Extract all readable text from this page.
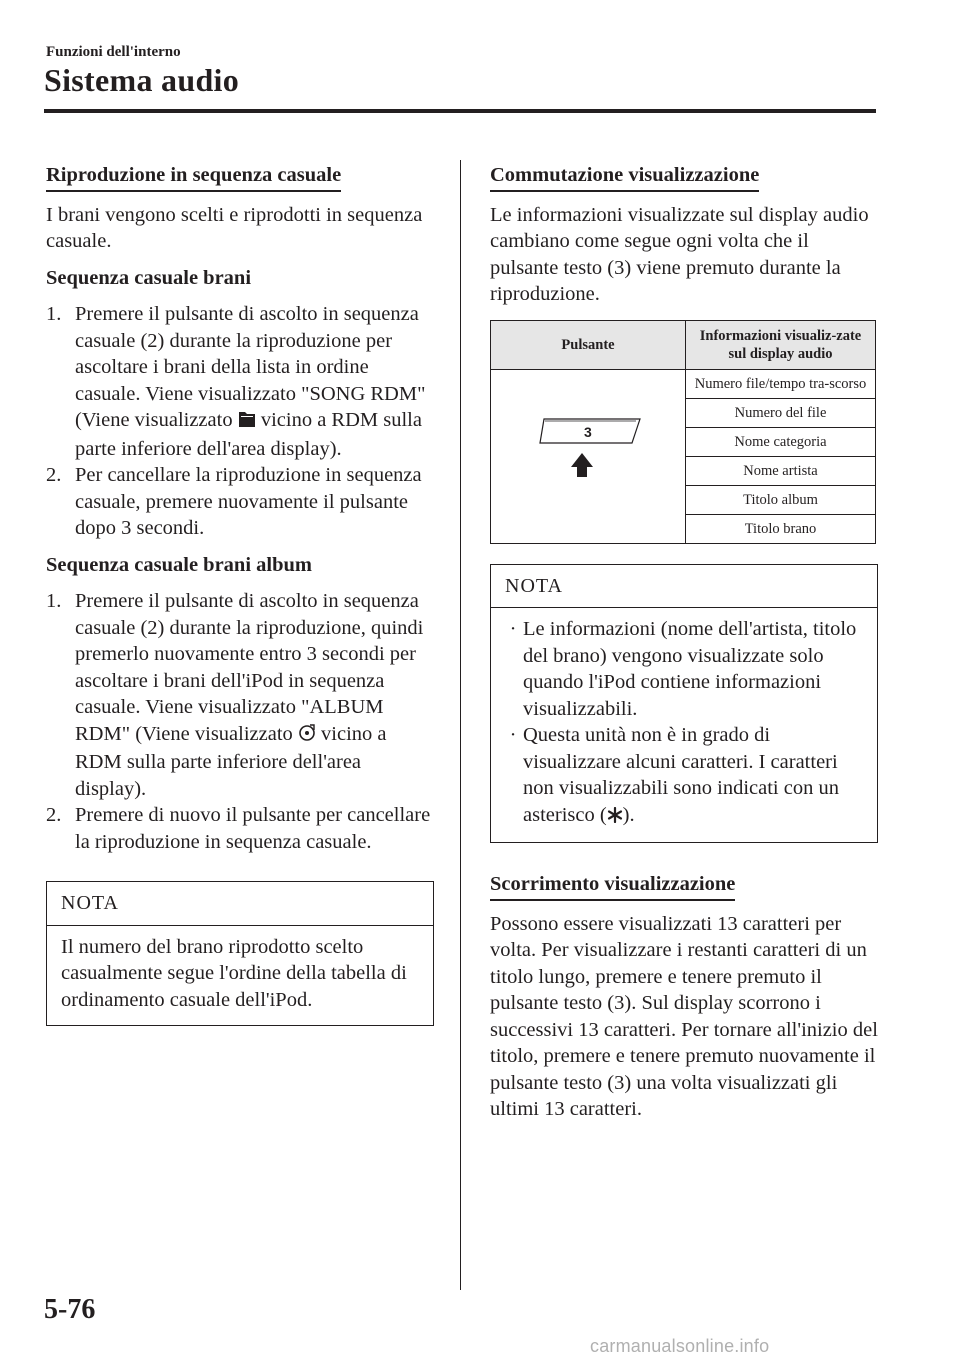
Funzioni dell'interno
Sistema audio
Riproduzione in sequenza casuale

I brani vengono scelti e riprodotti in sequenza casuale.

Sequenza casuale brani
1. Premere il pulsante di ascolto in sequenza casuale (2) durante la riproduzione per ascoltare i brani della lista in ordine casuale. Viene visualizzato "SONG RDM" (Viene visualizzato  vicino a RDM sulla parte inferiore dell'area display).
2. Per cancellare la riproduzione in sequenza casuale, premere nuovamente il pulsante dopo 3 secondi.
Sequenza casuale brani album
1. Premere il pulsante di ascolto in sequenza casuale (2) durante la riproduzione, quindi premerlo nuovamente entro 3 secondi per ascoltare i brani dell'iPod in sequenza casuale. Viene visualizzato "ALBUM RDM" (Viene visualizzato  vicino a RDM sulla parte inferiore dell'area display).
2. Premere di nuovo il pulsante per cancellare la riproduzione in sequenza casuale.
NOTA
Il numero del brano riprodotto scelto casualmente segue l'ordine della tabella di ordinamento casuale dell'iPod.
Commutazione visualizzazione

Le informazioni visualizzate sul display audio cambiano come segue ogni volta che il pulsante testo (3) viene premuto durante la riproduzione.

Pulsante	Informazioni visualiz-zate sul display audio

3	Numero file/tempo tra-scorso
	Numero del file
	Nome categoria
	Nome artista
	Titolo album
	Titolo brano
NOTA
· Le informazioni (nome dell'artista, titolo del brano) vengono visualizzate solo quando l'iPod contiene informazioni visualizzabili.
· Questa unità non è in grado di visualizzare alcuni caratteri. I caratteri non visualizzabili sono indicati con un asterisco ( ).
Scorrimento visualizzazione

Possono essere visualizzati 13 caratteri per volta. Per visualizzare i restanti caratteri di un titolo lungo, premere e tenere premuto il pulsante testo (3). Sul display scorrono i successivi 13 caratteri. Per tornare all'inizio del titolo, premere e tenere premuto nuovamente il pulsante testo (3) una volta visualizzati gli ultimi 13 caratteri.

5-76
carmanualsonline.info
